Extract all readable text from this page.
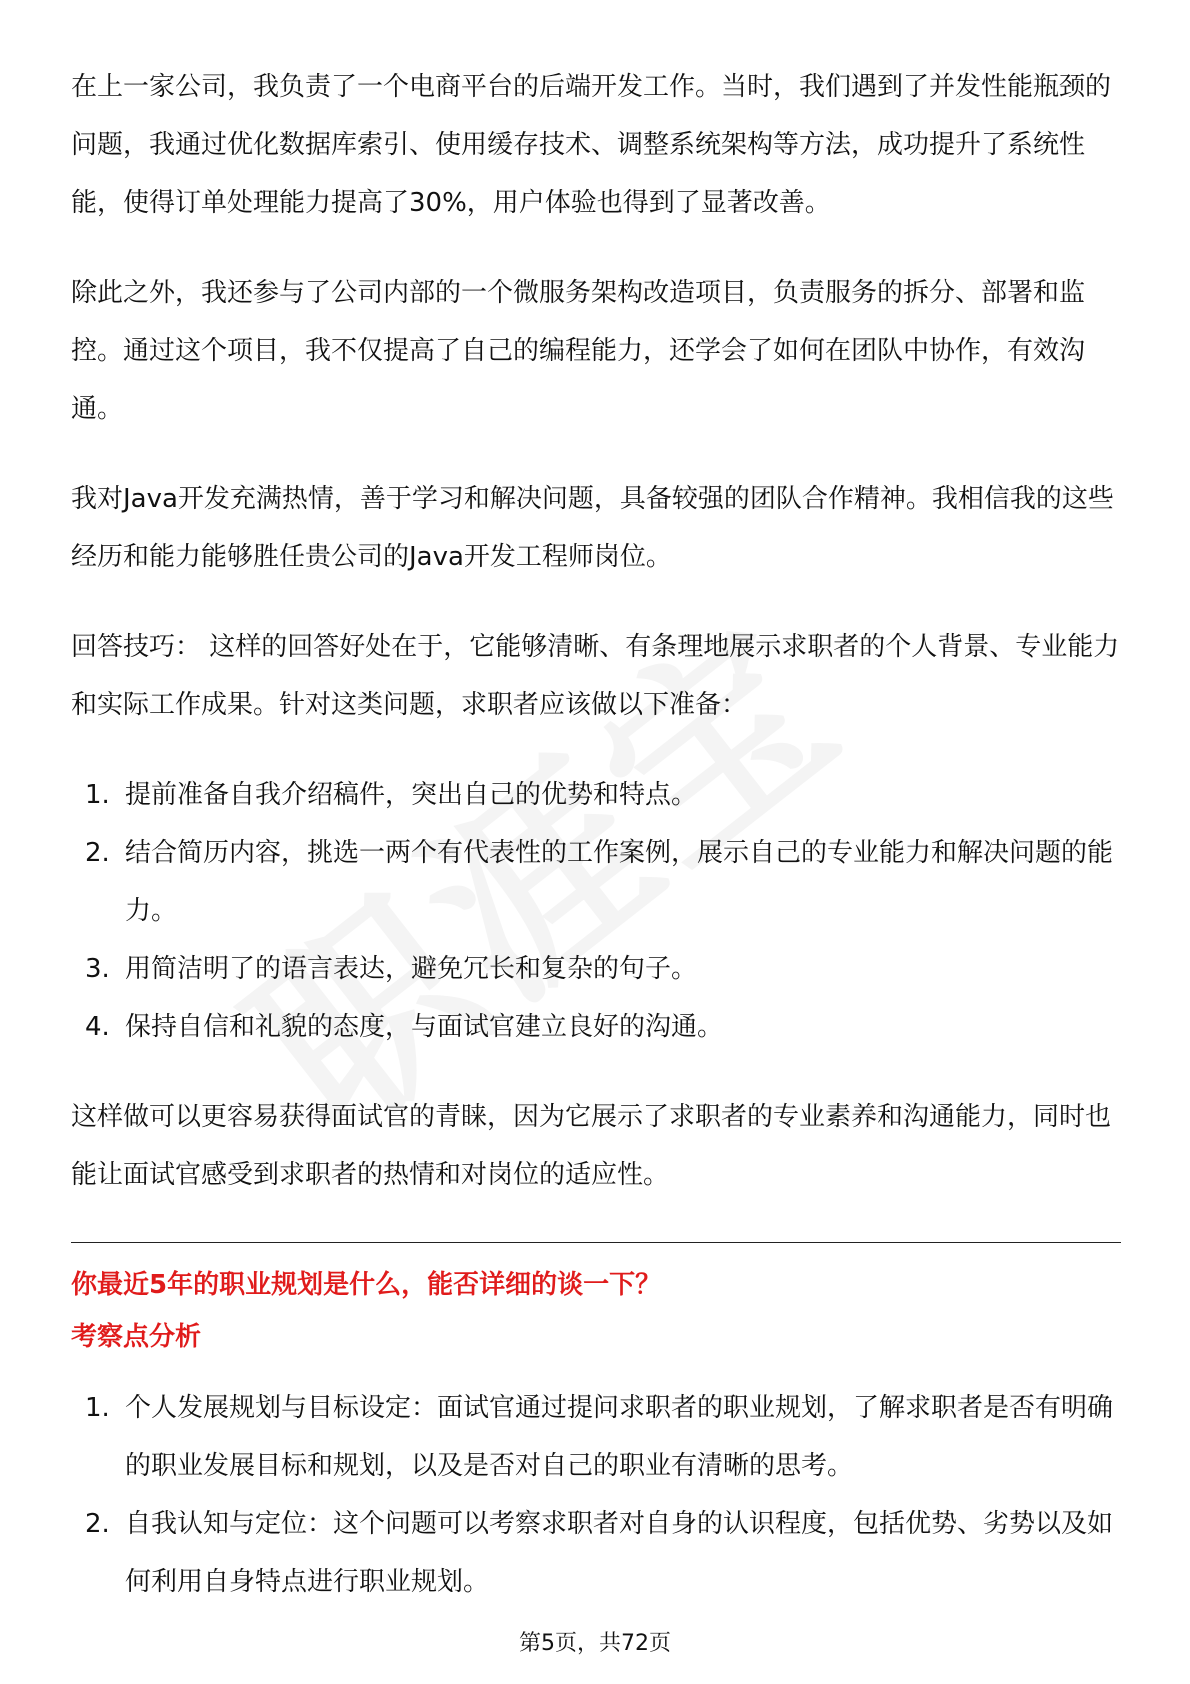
在上一家公司，我负责了一个电商平台的后端开发工作。当时，我们遇到了并发性能瓶颈的问题，我通过优化数据库索引、使用缓存技术、调整系统架构等方法，成功提升了系统性能，使得订单处理能力提高了30%，用户体验也得到了显著改善。

除此之外，我还参与了公司内部的一个微服务架构改造项目，负责服务的拆分、部署和监控。通过这个项目，我不仅提高了自己的编程能力，还学会了如何在团队中协作，有效沟通。

我对Java开发充满热情，善于学习和解决问题，具备较强的团队合作精神。我相信我的这些经历和能力能够胜任贵公司的Java开发工程师岗位。

回答技巧： 这样的回答好处在于，它能够清晰、有条理地展示求职者的个人背景、专业能力和实际工作成果。针对这类问题，求职者应该做以下准备：

1. 提前准备自我介绍稿件，突出自己的优势和特点。
2. 结合简历内容，挑选一两个有代表性的工作案例，展示自己的专业能力和解决问题的能力。
3. 用简洁明了的语言表达，避免冗长和复杂的句子。
4. 保持自信和礼貌的态度，与面试官建立良好的沟通。

这样做可以更容易获得面试官的青睐，因为它展示了求职者的专业素养和沟通能力，同时也能让面试官感受到求职者的热情和对岗位的适应性。

你最近5年的职业规划是什么，能否详细的谈一下？

考察点分析

1. 个人发展规划与目标设定：面试官通过提问求职者的职业规划，了解求职者是否有明确的职业发展目标和规划，以及是否对自己的职业有清晰的思考。
2. 自我认知与定位：这个问题可以考察求职者对自身的认识程度，包括优势、劣势以及如何利用自身特点进行职业规划。
第5页，共72页
